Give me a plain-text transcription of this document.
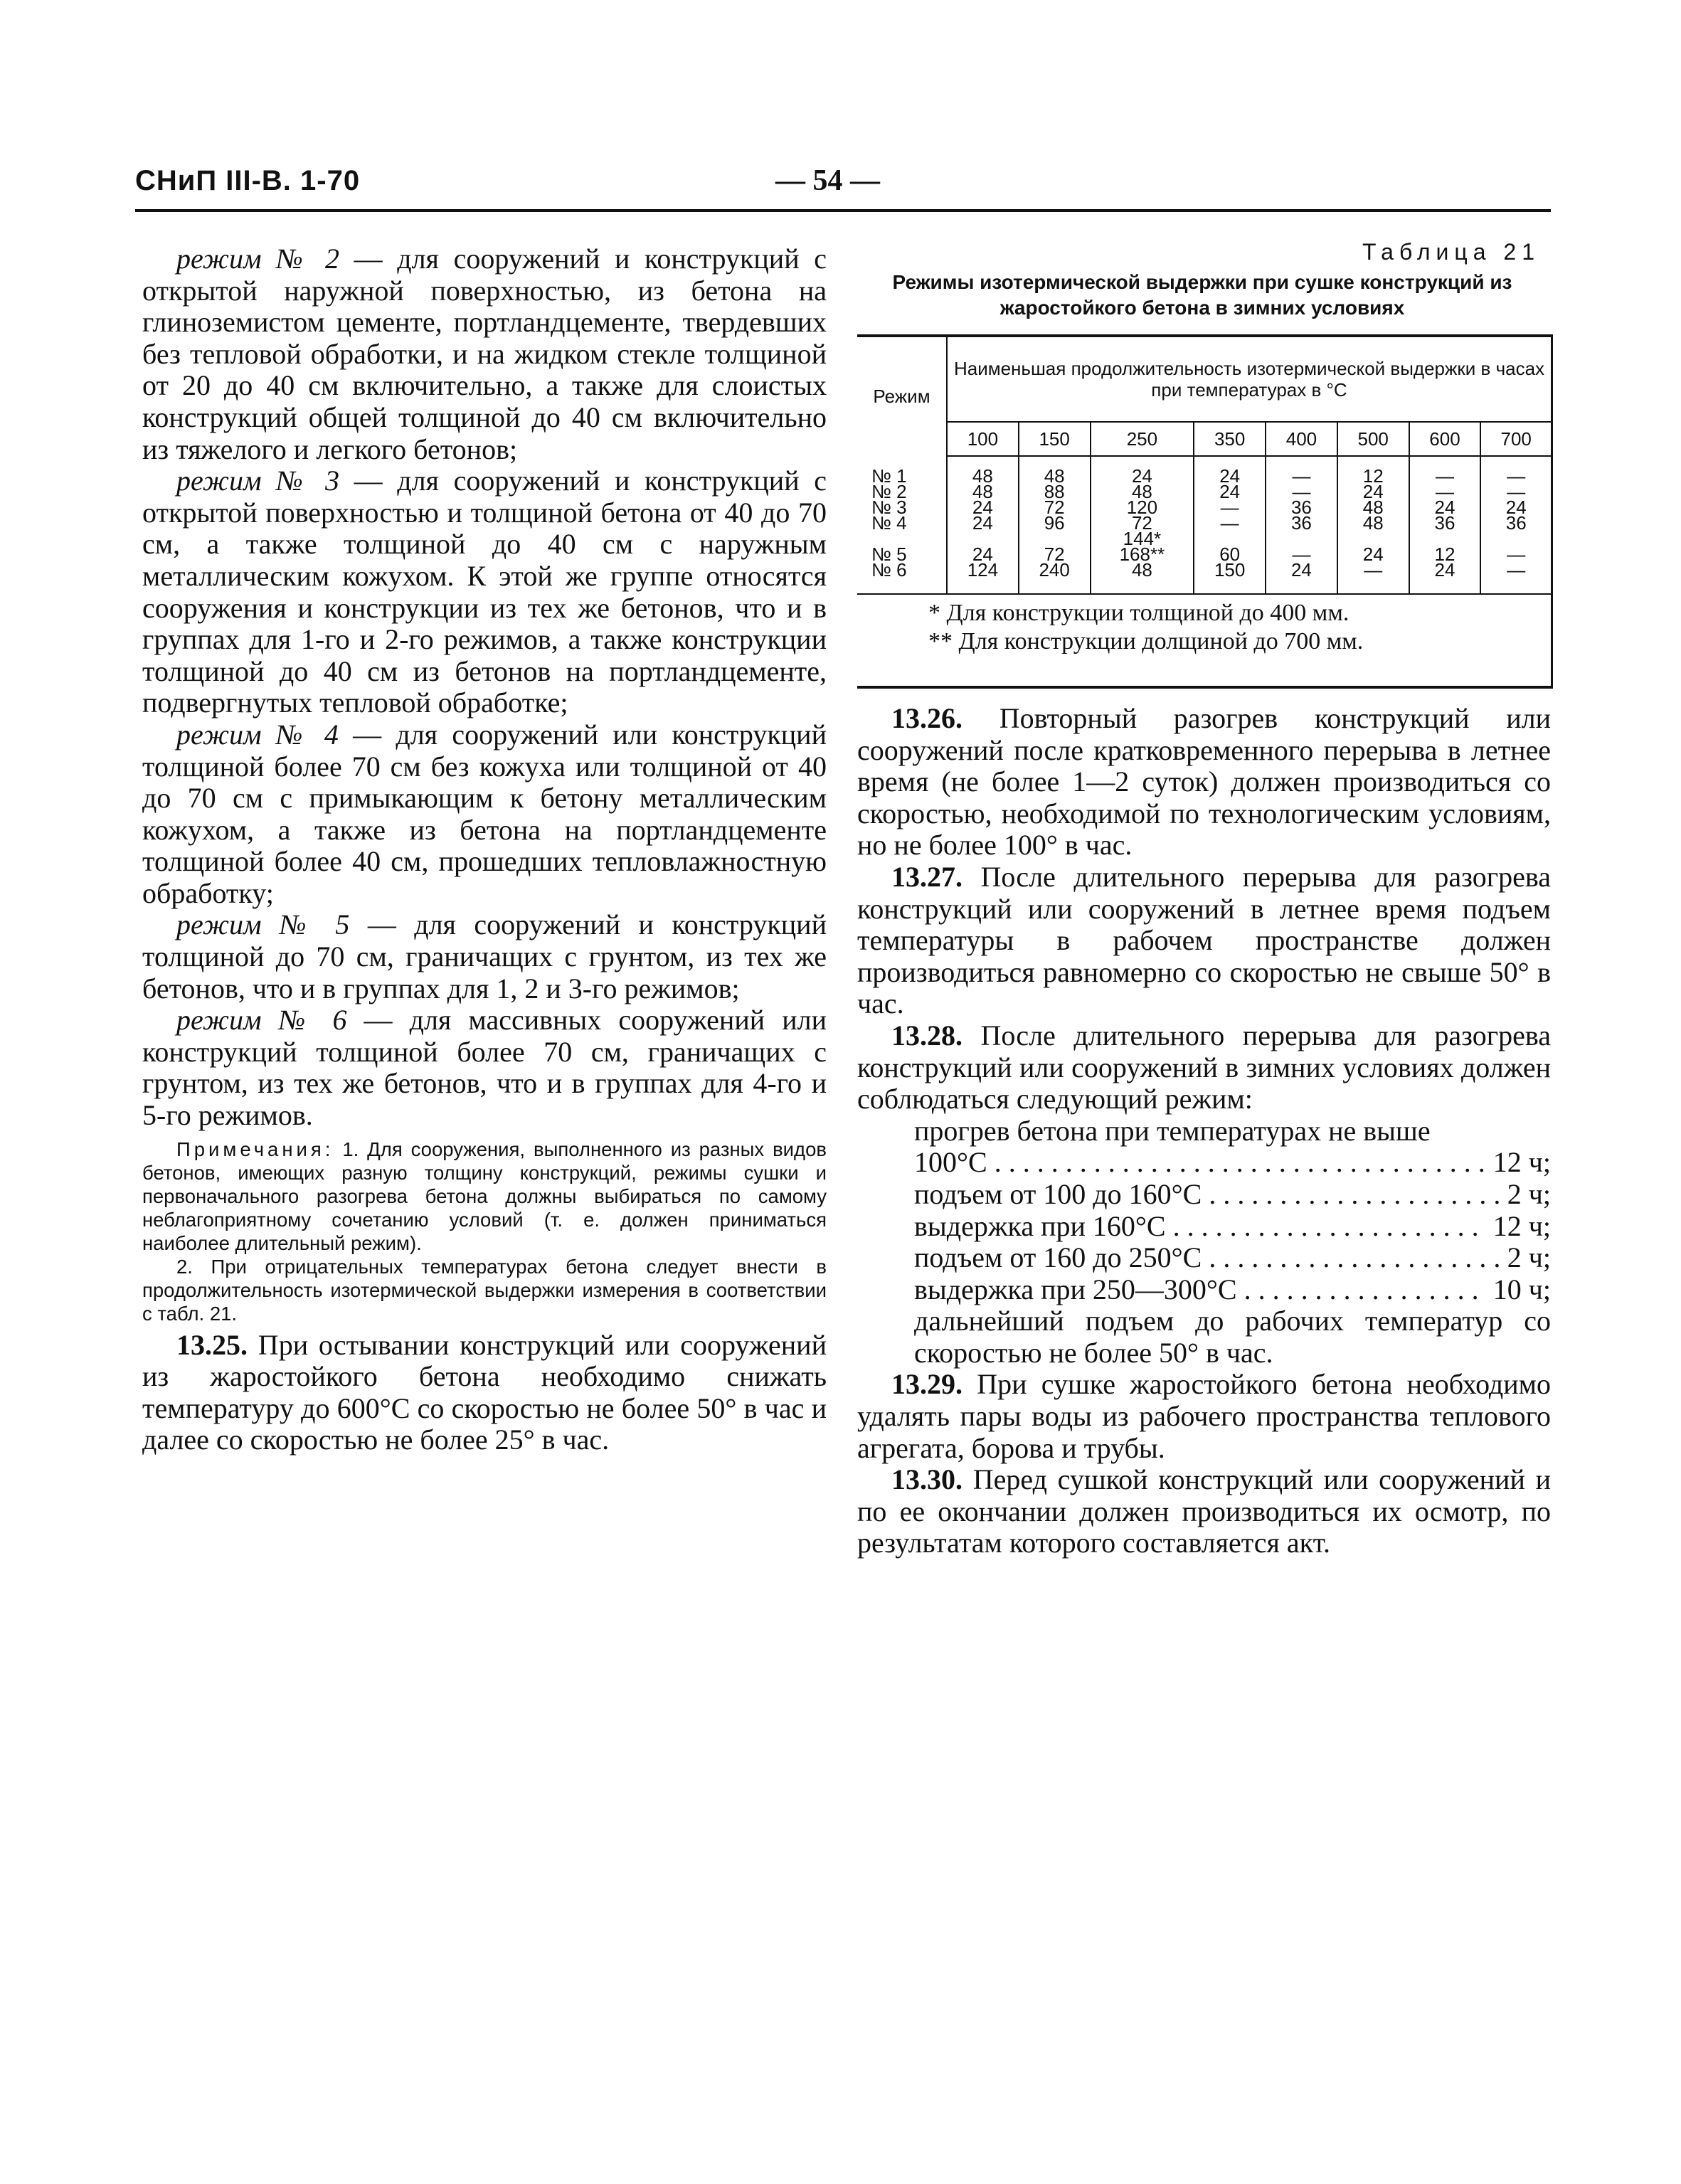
СНиП III-В. 1-70	— 54 —

режим № 2 — для сооружений и конструкций с открытой наружной поверхностью, из бетона на глиноземистом цементе, портландцементе, твердевших без тепловой обработки, и на жидком стекле толщиной от 20 до 40 см включительно, а также для слоистых конструкций общей толщиной до 40 см включительно из тяжелого и легкого бетонов;

режим № 3 — для сооружений и конструкций с открытой поверхностью и толщиной бетона от 40 до 70 см, а также толщиной до 40 см с наружным металлическим кожухом. К этой же группе относятся сооружения и конструкции из тех же бетонов, что и в группах для 1-го и 2-го режимов, а также конструкции толщиной до 40 см из бетонов на портландцементе, подвергнутых тепловой обработке;

режим № 4 — для сооружений или конструкций толщиной более 70 см без кожуха или толщиной от 40 до 70 см с примыкающим к бетону металлическим кожухом, а также из бетона на портландцементе толщиной более 40 см, прошедших тепловлажностную обработку;

режим № 5 — для сооружений и конструкций толщиной до 70 см, граничащих с грунтом, из тех же бетонов, что и в группах для 1, 2 и 3-го режимов;

режим № 6 — для массивных сооружений или конструкций толщиной более 70 см, граничащих с грунтом, из тех же бетонов, что и в группах для 4-го и 5-го режимов.

Примечания: 1. Для сооружения, выполненного из разных видов бетонов, имеющих разную толщину конструкций, режимы сушки и первоначального разогрева бетона должны выбираться по самому неблагоприятному сочетанию условий (т. е. должен приниматься наиболее длительный режим).

2. При отрицательных температурах бетона следует внести в продолжительность изотермической выдержки измерения в соответствии с табл. 21.

13.25. При остывании конструкций или сооружений из жаростойкого бетона необходимо снижать температуру до 600°С со скоростью не более 50° в час и далее со скоростью не более 25° в час.

Таблица 21
Режимы изотермической выдержки при сушке конструкций из жаростойкого бетона в зимних условиях
Режим	Наименьшая продолжительность изотермической выдержки в часах при температурах в °С							
	100	150	250	350	400	500	600	700

№ 1	48	48	24	24	—	12	—	—
№ 2	48	88	48	24	—	24	—	—
№ 3	24	72	120	—	36	48	24	24
№ 4	24	96	72	—	36	48	36	36
			144*					
№ 5	24	72	168**	60	—	24	12	—
№ 6	124	240	48	150	24	—	24	—

* Для конструкции толщиной до 400 мм.
** Для конструкции долщиной до 700 мм.								

13.26. Повторный разогрев конструкций или сооружений после кратковременного перерыва в летнее время (не более 1—2 суток) должен производиться со скоростью, необходимой по технологическим условиям, но не более 100° в час.

13.27. После длительного перерыва для разогрева конструкций или сооружений в летнее время подъем температуры в рабочем пространстве должен производиться равномерно со скоростью не свыше 50° в час.

13.28. После длительного перерыва для разогрева конструкций или сооружений в зимних условиях должен соблюдаться следующий режим:

прогрев бетона при температурах не выше

100°С . . .	12 ч;
подъем от 100 до 160°С . . .	2 ч;
выдержка при 160°С . . .	12 ч;
подъем от 160 до 250°С . . .	2 ч;
выдержка при 250—300°С . . .	10 ч;

дальнейший подъем до рабочих температур со скоростью не более 50° в час.

13.29. При сушке жаростойкого бетона необходимо удалять пары воды из рабочего пространства теплового агрегата, борова и трубы.

13.30. Перед сушкой конструкций или сооружений и по ее окончании должен производиться их осмотр, по результатам которого составляется акт.
